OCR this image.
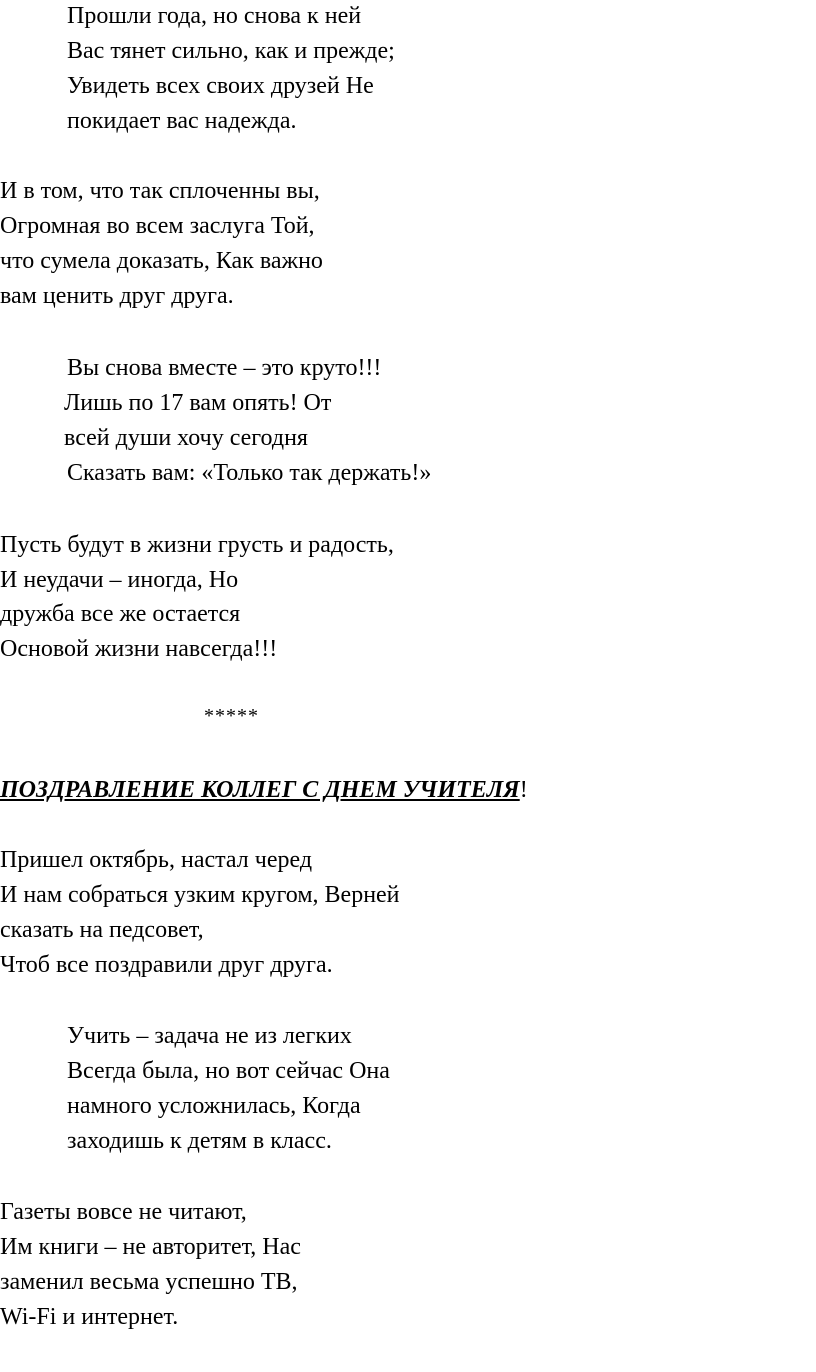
Прошли года, но снова к ней

Вас тянет сильно, как и прежде;

Увидеть всех своих друзей Не

покидает вас надежда.

И в том, что так сплоченны вы,

Огромная во всем заслуга Той,

что сумела доказать, Как важно

вам ценить друг друга.

Вы снова вместе – это круто!!!

Лишь по 17 вам опять! От

всей души хочу сегодня

Сказать вам: «Только так держать!»

Пусть будут в жизни грусть и радость,

И неудачи – иногда, Но

дружба все же остается

Основой жизни навсегда!!!

*****
ПОЗДРАВЛЕНИЕ КОЛЛЕГ С ДНЕМ УЧИТЕЛЯ!

Пришел октябрь, настал черед

И нам собраться узким кругом, Верней

сказать на педсовет,

Чтоб все поздравили друг друга.

Учить – задача не из легких

Всегда была, но вот сейчас Она

намного усложнилась, Когда

заходишь к детям в класс.

Газеты вовсе не читают,

Им книги – не авторитет, Нас

заменил весьма успешно ТВ,

Wi-Fi и интернет.
